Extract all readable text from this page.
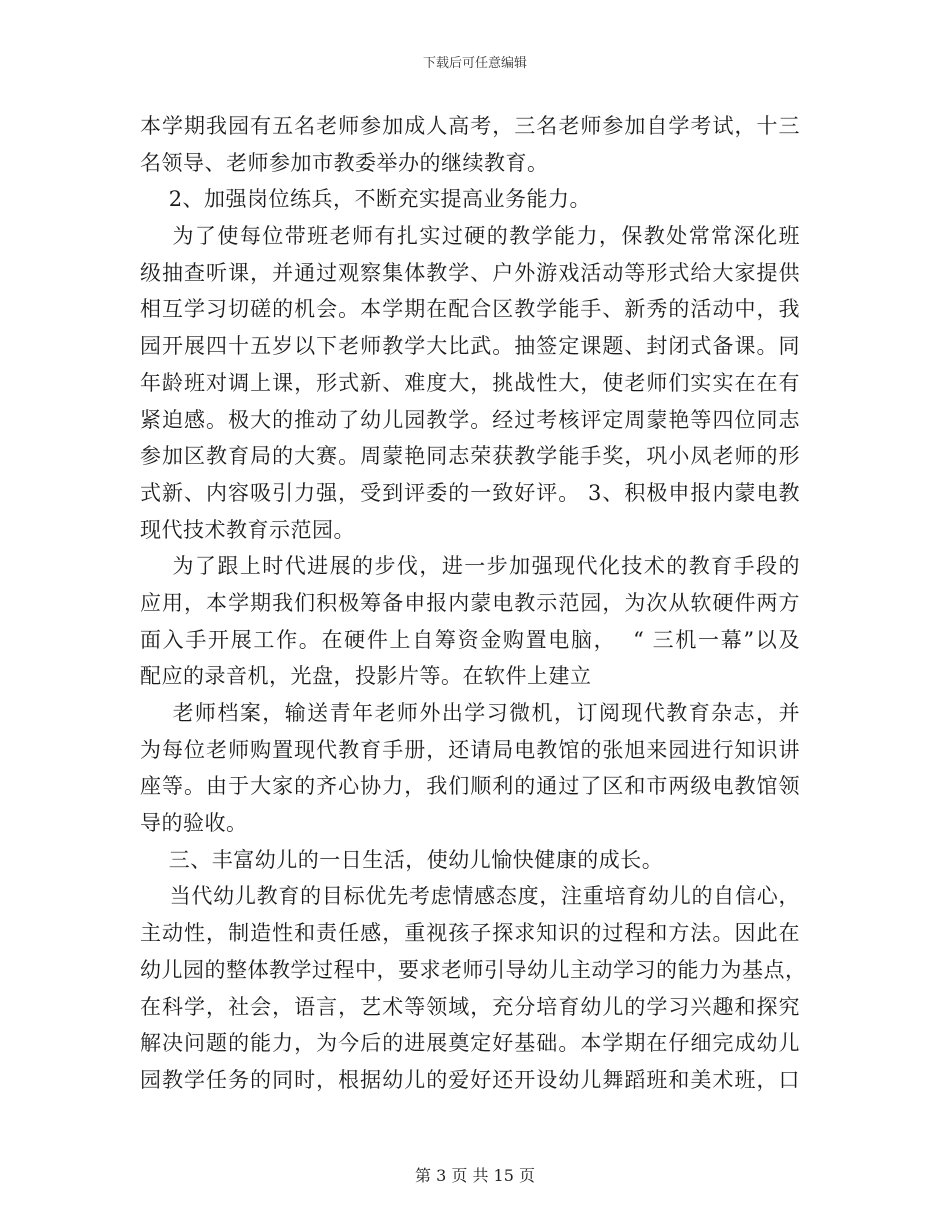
下载后可任意编辑
本学期我园有五名老师参加成人高考，三名老师参加自学考试，十三
名领导、老师参加市教委举办的继续教育。
2、加强岗位练兵，不断充实提高业务能力。
为了使每位带班老师有扎实过硬的教学能力，保教处常常深化班
级抽查听课，并通过观察集体教学、户外游戏活动等形式给大家提供
相互学习切磋的机会。本学期在配合区教学能手、新秀的活动中，我
园开展四十五岁以下老师教学大比武。抽签定课题、封闭式备课。同
年龄班对调上课，形式新、难度大，挑战性大，使老师们实实在在有
紧迫感。极大的推动了幼儿园教学。经过考核评定周蒙艳等四位同志
参加区教育局的大赛。周蒙艳同志荣获教学能手奖，巩小凤老师的形
式新、内容吸引力强，受到评委的一致好评。 3、积极申报内蒙电教
现代技术教育示范园。
为了跟上时代进展的步伐，进一步加强现代化技术的教育手段的
应用，本学期我们积极筹备申报内蒙电教示范园，为次从软硬件两方
面入手开展工作。在硬件上自筹资金购置电脑，  “ 三机一幕”以及
配应的录音机，光盘，投影片等。在软件上建立
老师档案，输送青年老师外出学习微机，订阅现代教育杂志，并
为每位老师购置现代教育手册，还请局电教馆的张旭来园进行知识讲
座等。由于大家的齐心协力，我们顺利的通过了区和市两级电教馆领
导的验收。
三、丰富幼儿的一日生活，使幼儿愉快健康的成长。
当代幼儿教育的目标优先考虑情感态度，注重培育幼儿的自信心，
主动性，制造性和责任感，重视孩子探求知识的过程和方法。因此在
幼儿园的整体教学过程中，要求老师引导幼儿主动学习的能力为基点，
在科学，社会，语言，艺术等领域，充分培育幼儿的学习兴趣和探究
解决问题的能力，为今后的进展奠定好基础。本学期在仔细完成幼儿
园教学任务的同时，根据幼儿的爱好还开设幼儿舞蹈班和美术班，口
第 3 页 共 15 页
